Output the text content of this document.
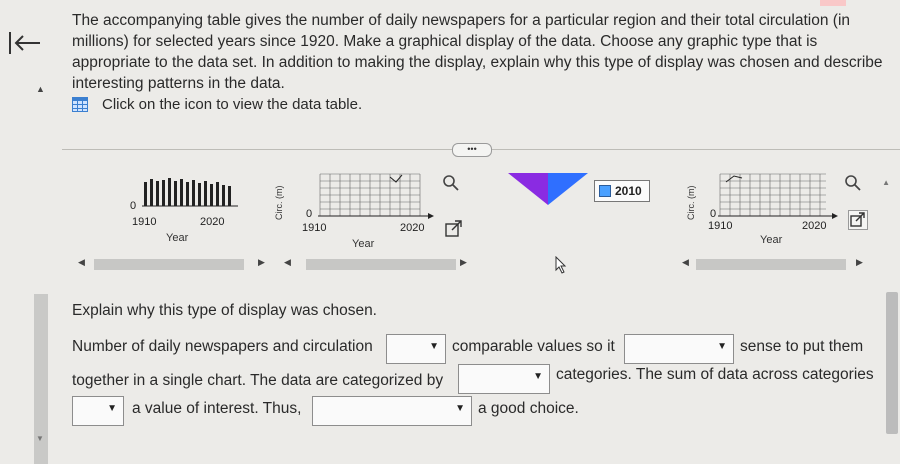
The accompanying table gives the number of daily newspapers for a particular region and their total circulation (in millions) for selected years since 1920. Make a graphical display of the data. Choose any graphic type that is appropriate to the data set. In addition to making the display, explain why this type of display was chosen and describe interesting patterns in the data.

▲
Click on the icon to view the data table.
•••
0
1910	2020
Year
Circ. (m) 0
1910	2020
Year
2010	Circ. (m) 0
1910	2020
Year
▲
◀	▶ ◀	▶	◀	▶
Explain why this type of display was chosen.
Number of daily newspapers and circulation	▼ comparable values so it	▼ sense to put them
together in a single chart. The data are categorized by	▼ categories. The sum of data across categories
▼ a value of interest. Thus,	▼ a good choice.
▼
